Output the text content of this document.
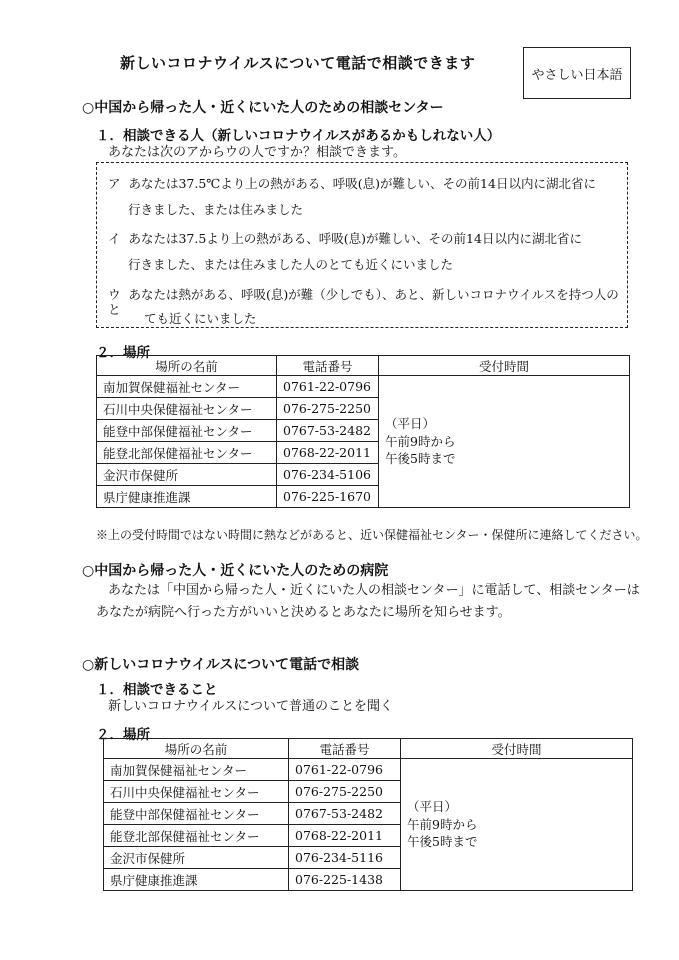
新しいコロナウイルスについて電話で相談できます
やさしい日本語
○中国から帰った人・近くにいた人のための相談センター
１．相談できる人（新しいコロナウイルスがあるかもしれない人）
あなたは次のアからウの人ですか？相談できます。
ア あなたは37.5℃より上の熱がある、呼吸(息)が難しい、その前14日以内に湖北省に
行きました、または住みました
イ あなたは37.5より上の熱がある、呼吸(息)が難しい、その前14日以内に湖北省に
行きました、または住みました人のとても近くにいました
ウ あなたは熱がある、呼吸(息)が難（少しでも）、あと、新しいコロナウイルスを持つ人のと
ても近くにいました
２．場所
場所の名前	電話番号	受付時間
南加賀保健福祉センター	0761-22-0796	（平日）
午前9時から
午後5時まで

石川中央保健福祉センター	076-275-2250	
能登中部保健福祉センター	0767-53-2482	
能登北部保健福祉センター	0768-22-2011	
金沢市保健所	076-234-5106	
県庁健康推進課	076-225-1670	
※上の受付時間ではない時間に熱などがあると、近い保健福祉センター・保健所に連絡してください。
○中国から帰った人・近くにいた人のための病院
あなたは「中国から帰った人・近くにいた人の相談センター」に電話して、相談センターは
あなたが病院へ行った方がいいと決めるとあなたに場所を知らせます。
○新しいコロナウイルスについて電話で相談
１．相談できること
新しいコロナウイルスについて普通のことを聞く
２．場所
場所の名前	電話番号	受付時間
南加賀保健福祉センター	0761-22-0796	（平日）
午前9時から
午後5時まで

石川中央保健福祉センター	076-275-2250	
能登中部保健福祉センター	0767-53-2482	
能登北部保健福祉センター	0768-22-2011	
金沢市保健所	076-234-5116	
県庁健康推進課	076-225-1438	
